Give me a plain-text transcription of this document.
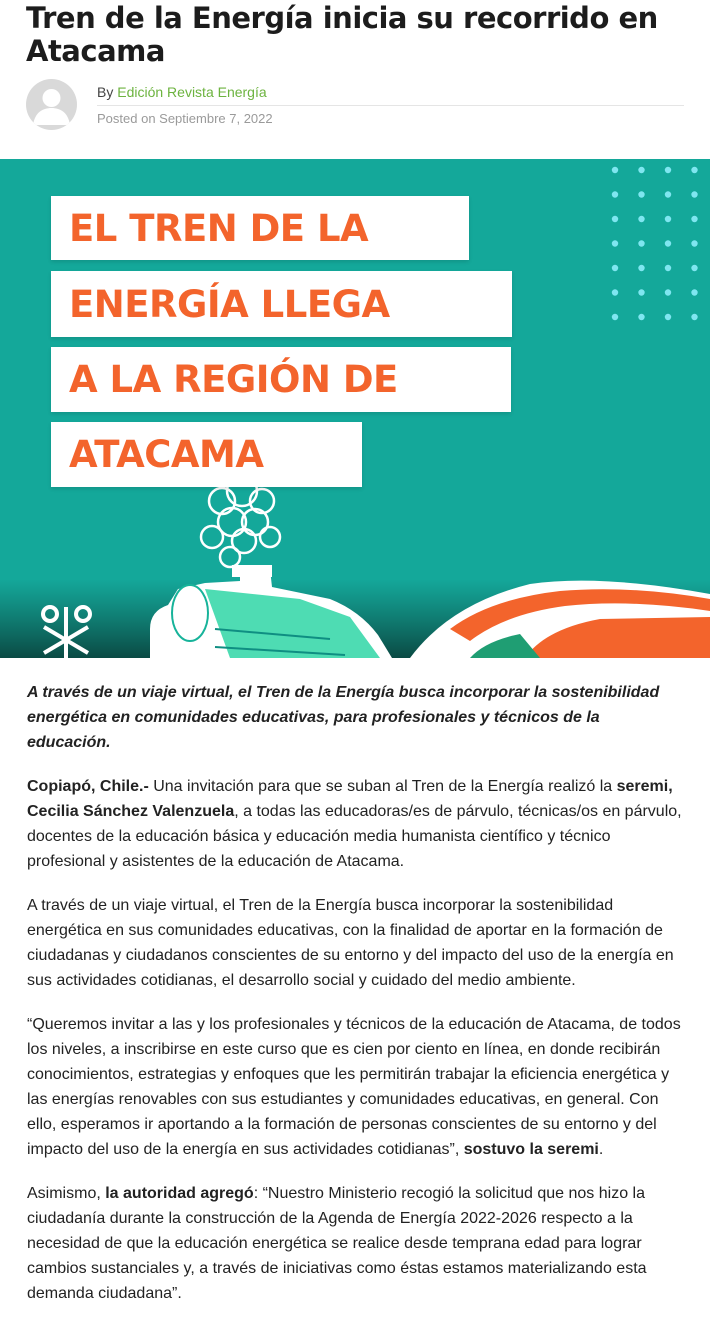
Tren de la Energía inicia su recorrido en Atacama
By Edición Revista Energía
Posted on Septiembre 7, 2022
EL TREN DE LA
ENERGÍA LLEGA
A LA REGIÓN DE
ATACAMA

A través de un viaje virtual, el Tren de la Energía busca incorporar la sostenibilidad energética en comunidades educativas, para profesionales y técnicos de la educación.

Copiapó, Chile.- Una invitación para que se suban al Tren de la Energía realizó la seremi, Cecilia Sánchez Valenzuela, a todas las educadoras/es de párvulo, técnicas/os en párvulo, docentes de la educación básica y educación media humanista científico y técnico profesional y asistentes de la educación de Atacama.

A través de un viaje virtual, el Tren de la Energía busca incorporar la sostenibilidad energética en sus comunidades educativas, con la finalidad de aportar en la formación de ciudadanas y ciudadanos conscientes de su entorno y del impacto del uso de la energía en sus actividades cotidianas, el desarrollo social y cuidado del medio ambiente.

“Queremos invitar a las y los profesionales y técnicos de la educación de Atacama, de todos los niveles, a inscribirse en este curso que es cien por ciento en línea, en donde recibirán conocimientos, estrategias y enfoques que les permitirán trabajar la eficiencia energética y las energías renovables con sus estudiantes y comunidades educativas, en general. Con ello, esperamos ir aportando a la formación de personas conscientes de su entorno y del impacto del uso de la energía en sus actividades cotidianas”, sostuvo la seremi.

Asimismo, la autoridad agregó: “Nuestro Ministerio recogió la solicitud que nos hizo la ciudadanía durante la construcción de la Agenda de Energía 2022-2026 respecto a la necesidad de que la educación energética se realice desde temprana edad para lograr cambios sustanciales y, a través de iniciativas como éstas estamos materializando esta demanda ciudadana”.
